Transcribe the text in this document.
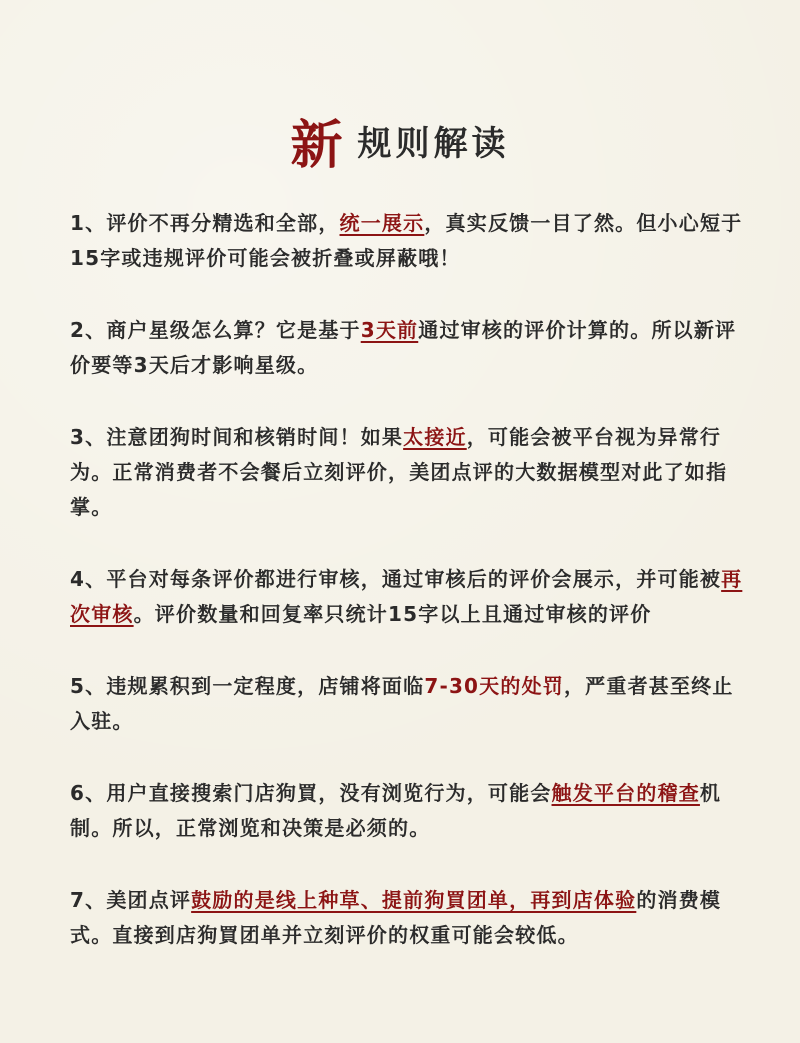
新规则解读

1、评价不再分精选和全部，统一展示，真实反馈一目了然。但小心短于15字或违规评价可能会被折叠或屏蔽哦！

2、商户星级怎么算？它是基于3天前通过审核的评价计算的。所以新评价要等3天后才影响星级。

3、注意团狗时间和核销时间！如果太接近，可能会被平台视为异常行为。正常消费者不会餐后立刻评价，美团点评的大数据模型对此了如指掌。

4、平台对每条评价都进行审核，通过审核后的评价会展示，并可能被再次审核。评价数量和回复率只统计15字以上且通过审核的评价

5、违规累积到一定程度，店铺将面临7-30天的处罚，严重者甚至终止入驻。

6、用户直接搜索门店狗買，没有浏览行为，可能会触发平台的稽查机制。所以，正常浏览和决策是必须的。

7、美团点评鼓励的是线上种草、提前狗買团单，再到店体验的消费模式。直接到店狗買团单并立刻评价的权重可能会较低。
